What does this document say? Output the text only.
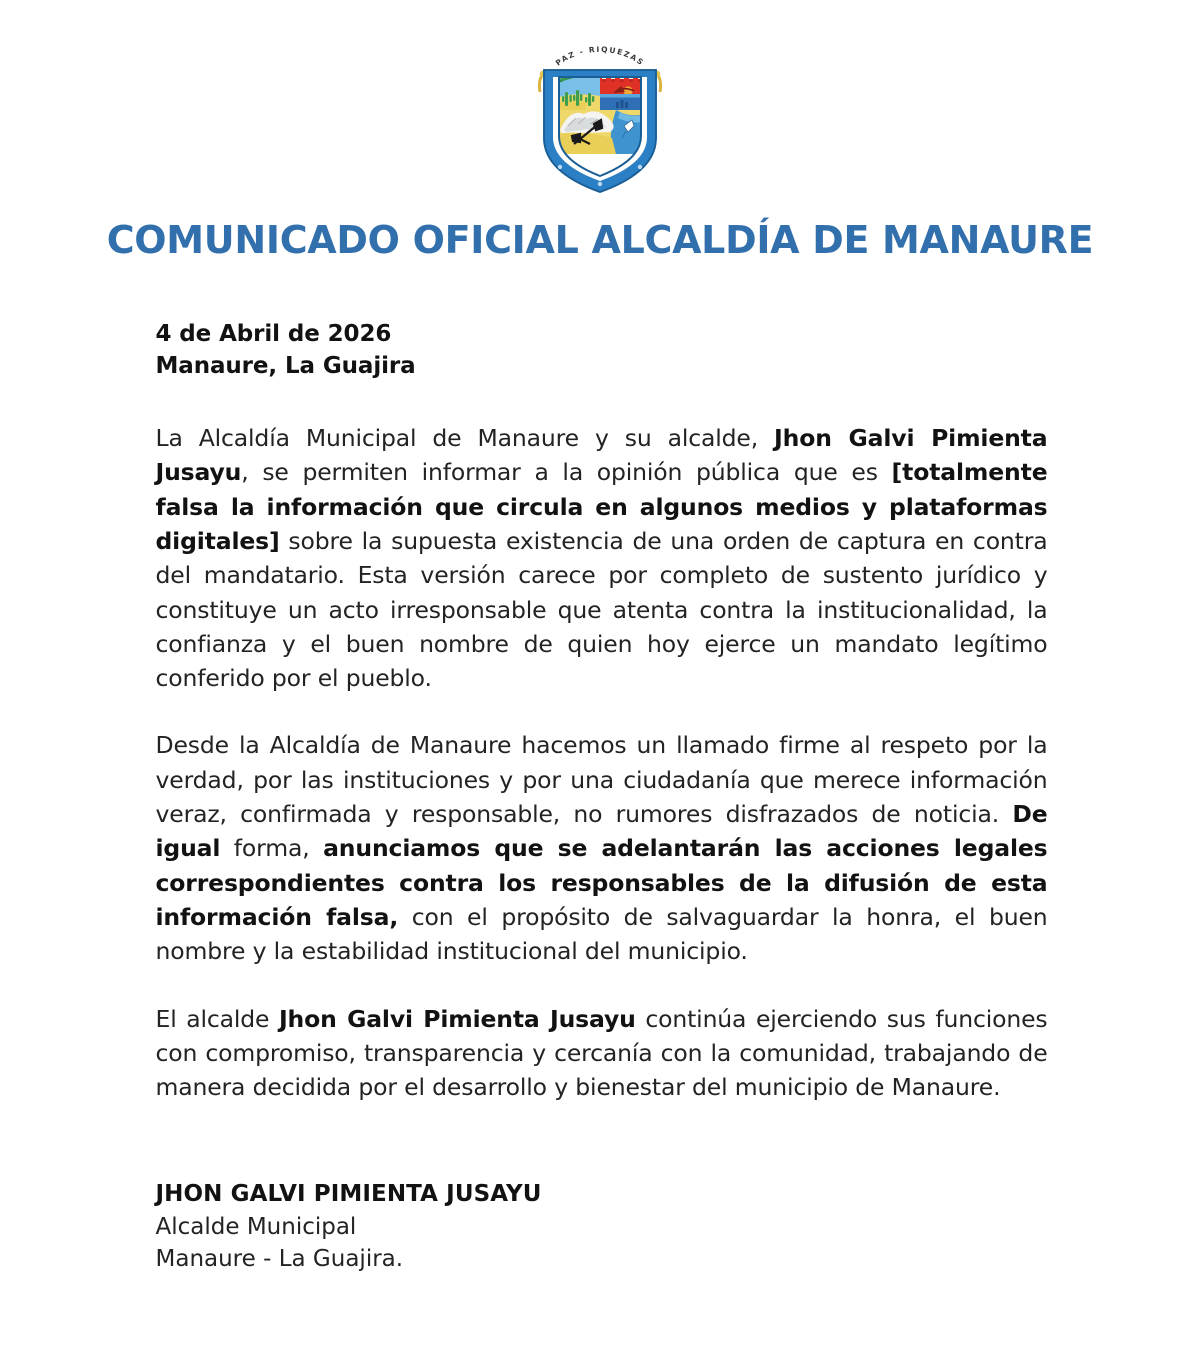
PAZ - RIQUEZAS
COMUNICADO OFICIAL ALCALDÍA DE MANAURE
4 de Abril de 2026
Manaure, La Guajira

La Alcaldía Municipal de Manaure y su alcalde, Jhon Galvi Pimienta Jusayu, se permiten informar a la opinión pública que es [totalmente falsa la información que circula en algunos medios y plataformas digitales] sobre la supuesta existencia de una orden de captura en contra del mandatario. Esta versión carece por completo de sustento jurídico y constituye un acto irresponsable que atenta contra la institucionalidad, la confianza y el buen nombre de quien hoy ejerce un mandato legítimo conferido por el pueblo.

Desde la Alcaldía de Manaure hacemos un llamado firme al respeto por la verdad, por las instituciones y por una ciudadanía que merece información veraz, confirmada y responsable, no rumores disfrazados de noticia. De igual forma, anunciamos que se adelantarán las acciones legales correspondientes contra los responsables de la difusión de esta información falsa, con el propósito de salvaguardar la honra, el buen nombre y la estabilidad institucional del municipio.

El alcalde Jhon Galvi Pimienta Jusayu continúa ejerciendo sus funciones con compromiso, transparencia y cercanía con la comunidad, trabajando de manera decidida por el desarrollo y bienestar del municipio de Manaure.

JHON GALVI PIMIENTA JUSAYU
Alcalde Municipal
Manaure - La Guajira.
